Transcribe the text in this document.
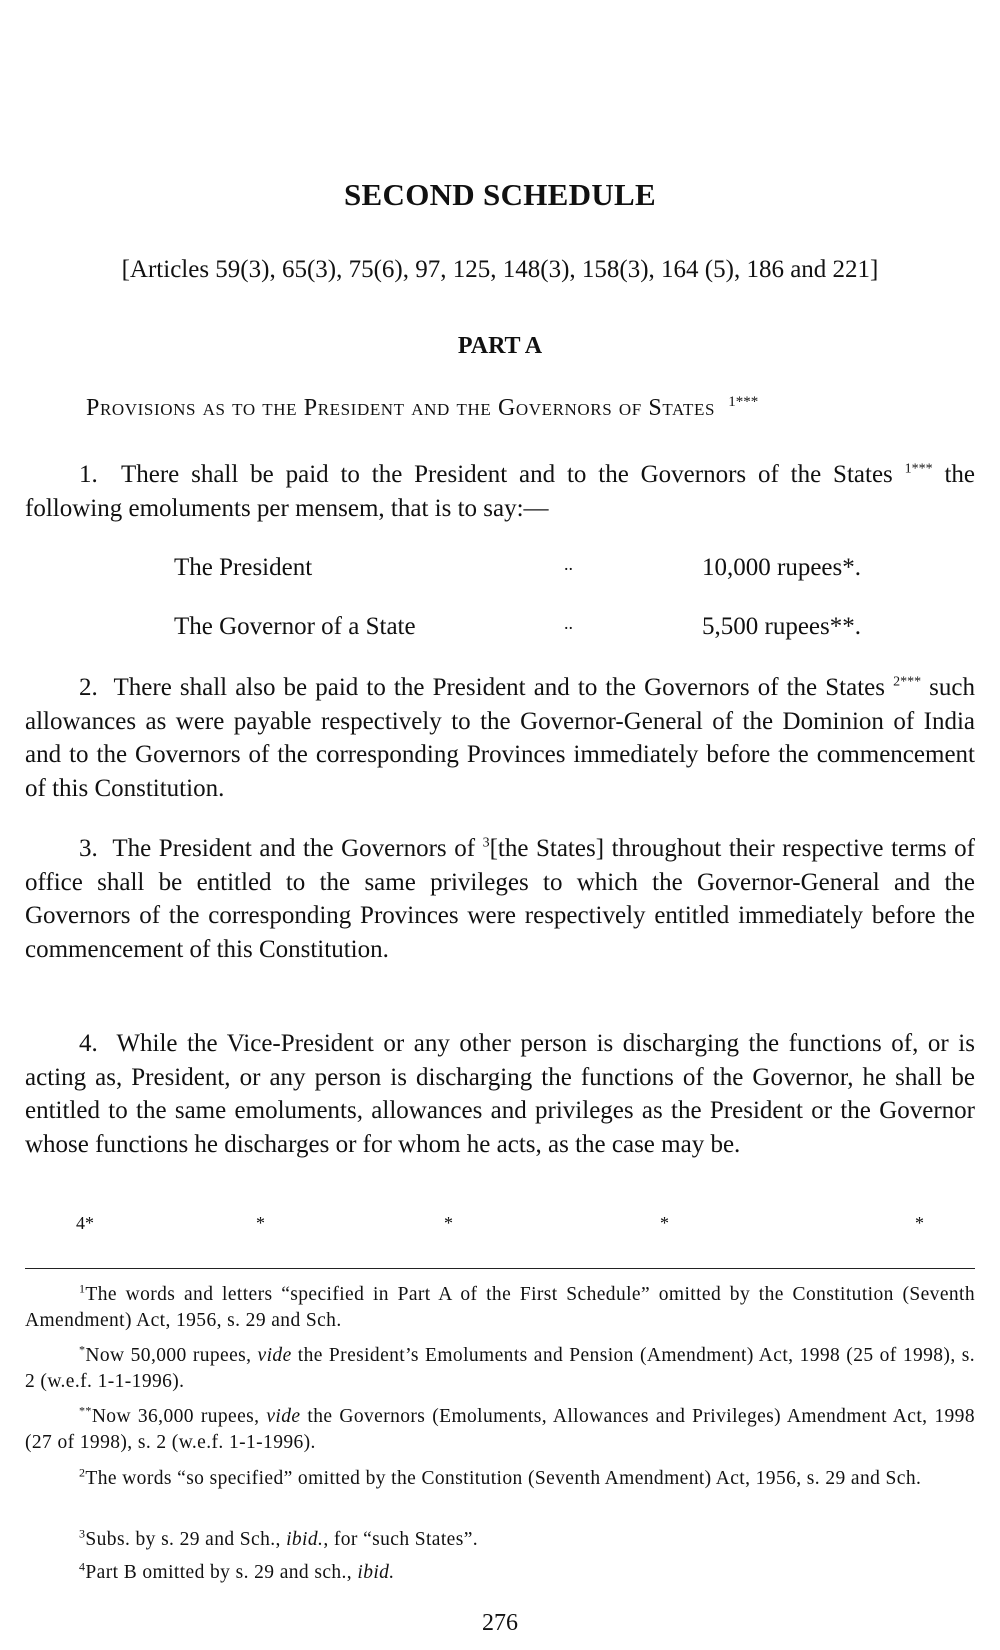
SECOND SCHEDULE
[Articles 59(3), 65(3), 75(6), 97, 125, 148(3), 158(3), 164 (5), 186 and 221]
PART A
Provisions as to the President and the Governors of States $^{1***}$

1. There shall be paid to the President and to the Governors of the States $^{1***}$ the following emoluments per mensem, that is to say:—

The President	..	10,000 rupees*.
The Governor of a State	..	5,500 rupees**.

2. There shall also be paid to the President and to the Governors of the States $^{2***}$ such allowances as were payable respectively to the Governor-General of the Dominion of India and to the Governors of the corresponding Provinces immediately before the commencement of this Constitution.

3. The President and the Governors of $^3$[the States] throughout their respective terms of office shall be entitled to the same privileges to which the Governor-General and the Governors of the corresponding Provinces were respectively entitled immediately before the commencement of this Constitution.

4. While the Vice-President or any other person is discharging the functions of, or is acting as, President, or any person is discharging the functions of the Governor, he shall be entitled to the same emoluments, allowances and privileges as the President or the Governor whose functions he discharges or for whom he acts, as the case may be.

4*	*	*	*	*

$^1$The words and letters “specified in Part A of the First Schedule” omitted by the Constitution (Seventh Amendment) Act, 1956, s. 29 and Sch.

*Now 50,000 rupees, vide the President’s Emoluments and Pension (Amendment) Act, 1998 (25 of 1998), s. 2 (w.e.f. 1-1-1996).

**Now 36,000 rupees, vide the Governors (Emoluments, Allowances and Privileges) Amendment Act, 1998 (27 of 1998), s. 2 (w.e.f. 1-1-1996).

$^2$The words “so specified” omitted by the Constitution (Seventh Amendment) Act, 1956, s. 29 and Sch.

$^3$Subs. by s. 29 and Sch., ibid., for “such States”.

$^4$Part B omitted by s. 29 and sch., ibid.

276
